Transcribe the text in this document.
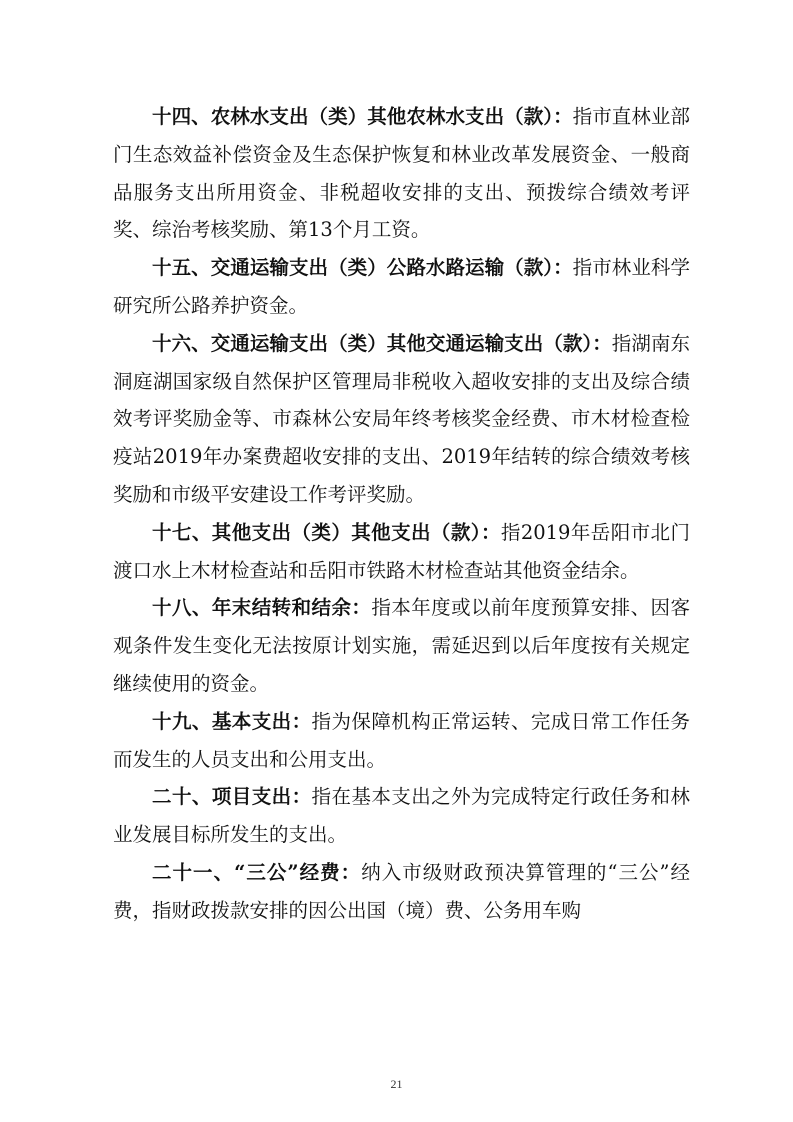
十四、农林水支出（类）其他农林水支出（款）：指市直林业部门生态效益补偿资金及生态保护恢复和林业改革发展资金、一般商品服务支出所用资金、非税超收安排的支出、预拨综合绩效考评奖、综治考核奖励、第13个月工资。

十五、交通运输支出（类）公路水路运输（款）：指市林业科学研究所公路养护资金。

十六、交通运输支出（类）其他交通运输支出（款）：指湖南东洞庭湖国家级自然保护区管理局非税收入超收安排的支出及综合绩效考评奖励金等、市森林公安局年终考核奖金经费、市木材检查检疫站2019年办案费超收安排的支出、2019年结转的综合绩效考核奖励和市级平安建设工作考评奖励。

十七、其他支出（类）其他支出（款）：指2019年岳阳市北门渡口水上木材检查站和岳阳市铁路木材检查站其他资金结余。

十八、年末结转和结余：指本年度或以前年度预算安排、因客观条件发生变化无法按原计划实施，需延迟到以后年度按有关规定继续使用的资金。

十九、基本支出：指为保障机构正常运转、完成日常工作任务而发生的人员支出和公用支出。

二十、项目支出：指在基本支出之外为完成特定行政任务和林业发展目标所发生的支出。

二十一、“三公”经费：纳入市级财政预决算管理的“三公”经费，指财政拨款安排的因公出国（境）费、公务用车购

21
